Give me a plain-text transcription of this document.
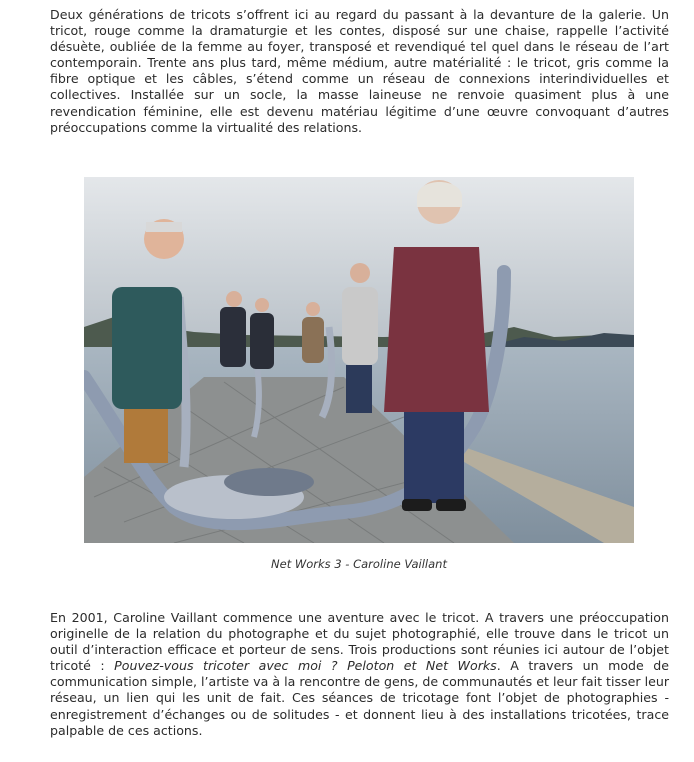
Deux générations de tricots s’offrent ici au regard du passant à la devanture de la galerie. Un tricot, rouge comme la dramaturgie et les contes, disposé sur une chaise, rappelle l’activité désuète, oubliée de la femme au foyer, transposé et revendiqué tel quel dans le réseau de l’art contemporain. Trente ans plus tard, même médium, autre matérialité : le tricot, gris comme la fibre optique et les câbles, s’étend comme un réseau de connexions interindividuelles et collectives. Installée sur un socle, la masse laineuse ne renvoie quasiment plus à une revendication féminine, elle est devenu matériau légitime d’une œuvre convoquant d’autres préoccupations comme la virtualité des relations.

Net Works 3 - Caroline Vaillant

En 2001, Caroline Vaillant commence une aventure avec le tricot. A travers une préoccupation originelle de la relation du photographe et du sujet photographié, elle trouve dans le tricot un outil d’interaction efficace et porteur de sens. Trois productions sont réunies ici autour de l’objet tricoté : Pouvez-vous tricoter avec moi ? Peloton et Net Works. A travers un mode de communication simple, l’artiste va à la rencontre de gens, de communautés et leur fait tisser leur réseau, un lien qui les unit de fait. Ces séances de tricotage font l’objet de photographies - enregistrement d’échanges ou de solitudes - et donnent lieu à des installations tricotées, trace palpable de ces actions.
